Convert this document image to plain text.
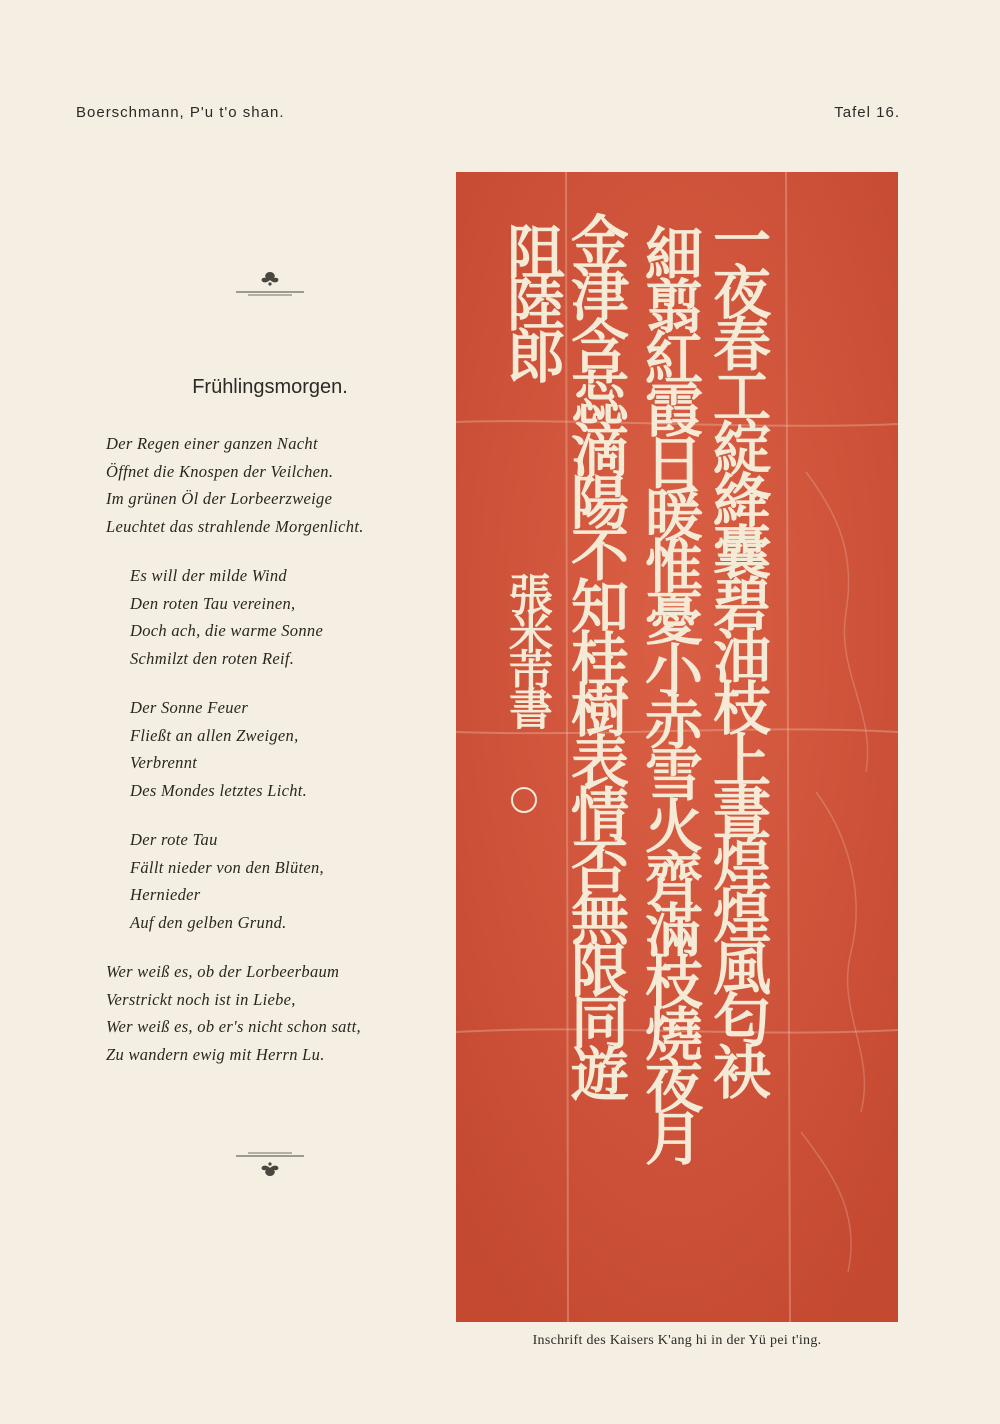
Boerschmann, P'u t'o shan.	Tafel 16.
Frühlingsmorgen.
Der Regen einer ganzen Nacht
Öffnet die Knospen der Veilchen.
Im grünen Öl der Lorbeerzweige
Leuchtet das strahlende Morgenlicht.
Es will der milde Wind
Den roten Tau vereinen,
Doch ach, die warme Sonne
Schmilzt den roten Reif.
Der Sonne Feuer
Fließt an allen Zweigen,
Verbrennt
Des Mondes letztes Licht.
Der rote Tau
Fällt nieder von den Blüten,
Hernieder
Auf den gelben Grund.
Wer weiß es, ob der Lorbeerbaum
Verstrickt noch ist in Liebe,
Wer weiß es, ob er's nicht schon satt,
Zu wandern ewig mit Herrn Lu.	一夜春工綻絳囊碧油枝上晝煌煌風匂袂
細翦紅霞日暖惟憂小赤雪火齊滿枝燒夜月
金津含蕊滴陽不知桂樹表情否無限同遊
阻陸郎
張米芾書
Inschrift des Kaisers K'ang hi in der Yü pei t'ing.
